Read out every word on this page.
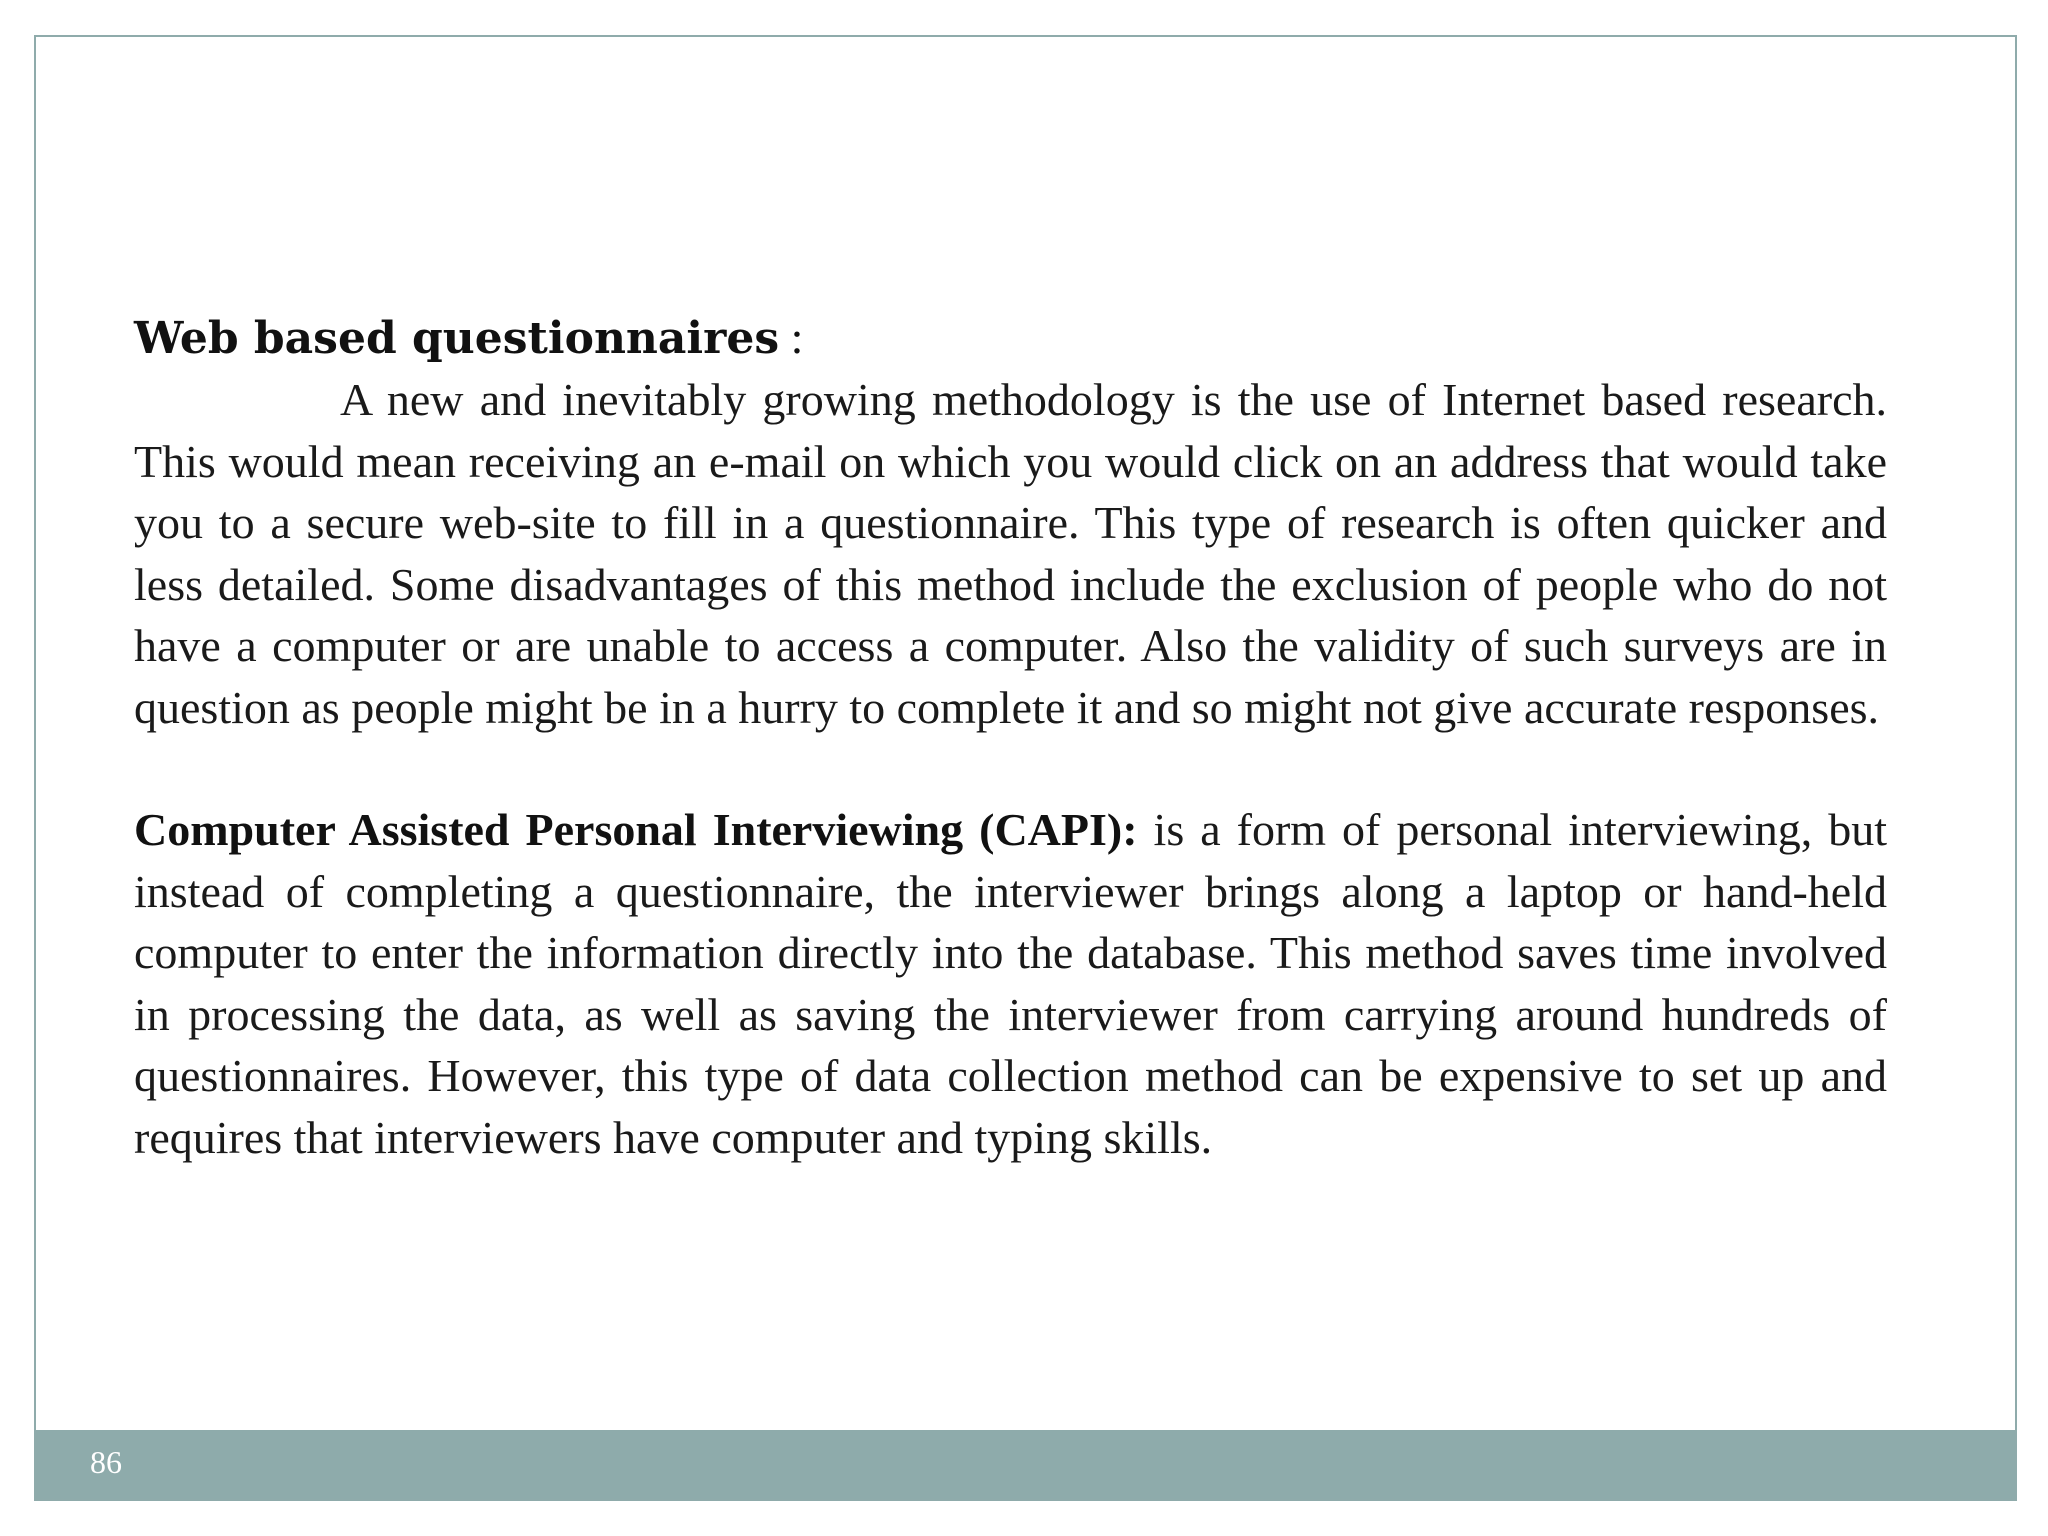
Web based questionnaires :

A new and inevitably growing methodology is the use of Internet based research. This would mean receiving an e-mail on which you would click on an address that would take you to a secure web-site to fill in a questionnaire. This type of research is often quicker and less detailed. Some disadvantages of this method include the exclusion of people who do not have a computer or are unable to access a computer. Also the validity of such surveys are in question as people might be in a hurry to complete it and so might not give accurate responses.

Computer Assisted Personal Interviewing (CAPI): is a form of personal interviewing, but instead of completing a questionnaire, the interviewer brings along a laptop or hand-held computer to enter the information directly into the database. This method saves time involved in processing the data, as well as saving the interviewer from carrying around hundreds of questionnaires. However, this type of data collection method can be expensive to set up and requires that interviewers have computer and typing skills.

86
